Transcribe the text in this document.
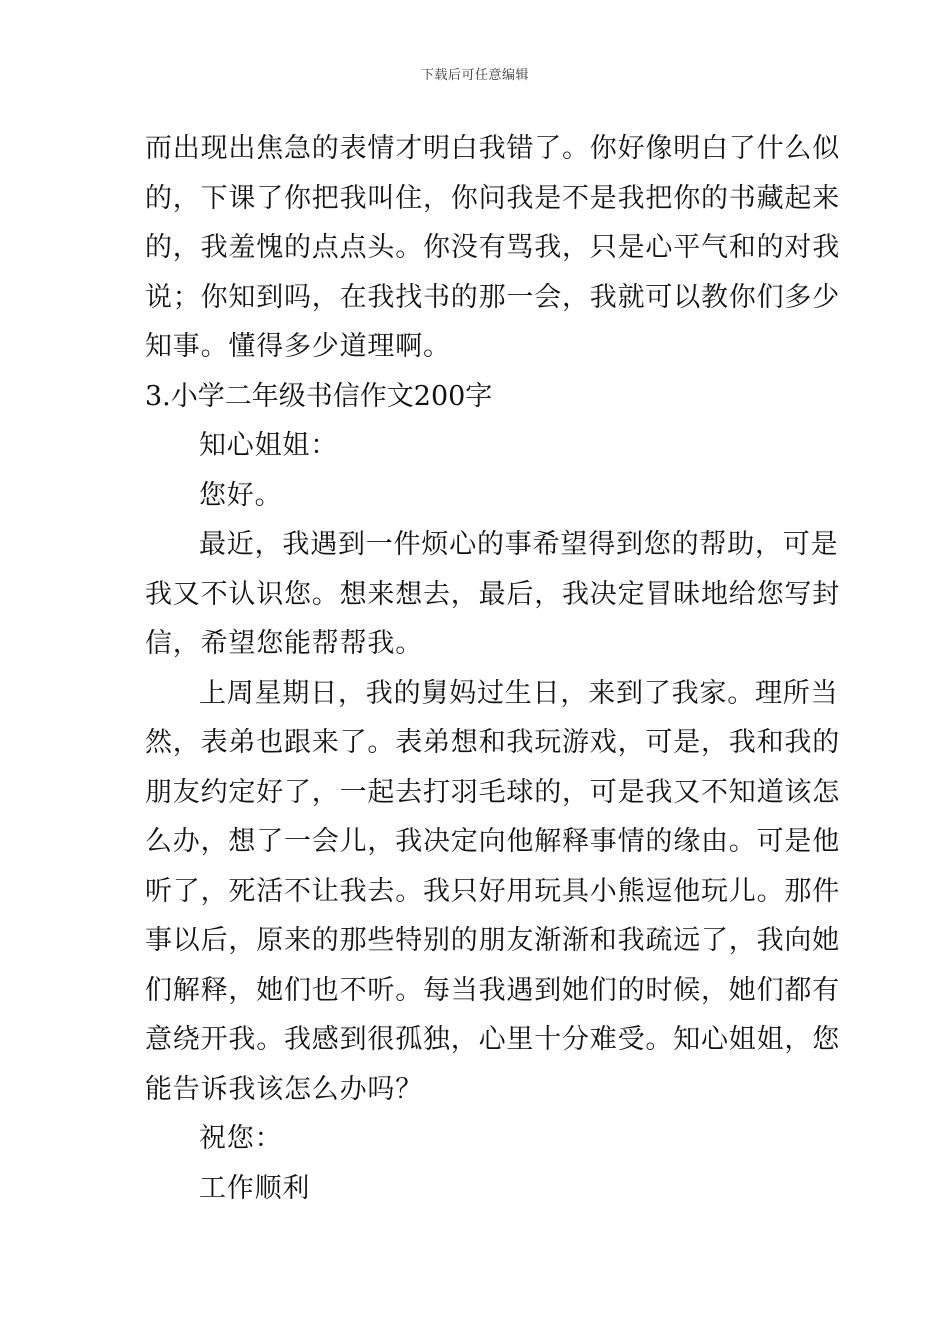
下载后可任意编辑
而出现出焦急的表情才明白我错了。你好像明白了什么似
的，下课了你把我叫住，你问我是不是我把你的书藏起来
的，我羞愧的点点头。你没有骂我，只是心平气和的对我
说；你知到吗，在我找书的那一会，我就可以教你们多少
知事。懂得多少道理啊。
3.小学二年级书信作文200字
知心姐姐：
您好。
最近，我遇到一件烦心的事希望得到您的帮助，可是
我又不认识您。想来想去，最后，我决定冒昧地给您写封
信，希望您能帮帮我。
上周星期日，我的舅妈过生日，来到了我家。理所当
然，表弟也跟来了。表弟想和我玩游戏，可是，我和我的
朋友约定好了，一起去打羽毛球的，可是我又不知道该怎
么办，想了一会儿，我决定向他解释事情的缘由。可是他
听了，死活不让我去。我只好用玩具小熊逗他玩儿。那件
事以后，原来的那些特别的朋友渐渐和我疏远了，我向她
们解释，她们也不听。每当我遇到她们的时候，她们都有
意绕开我。我感到很孤独，心里十分难受。知心姐姐，您
能告诉我该怎么办吗？
祝您：
工作顺利
